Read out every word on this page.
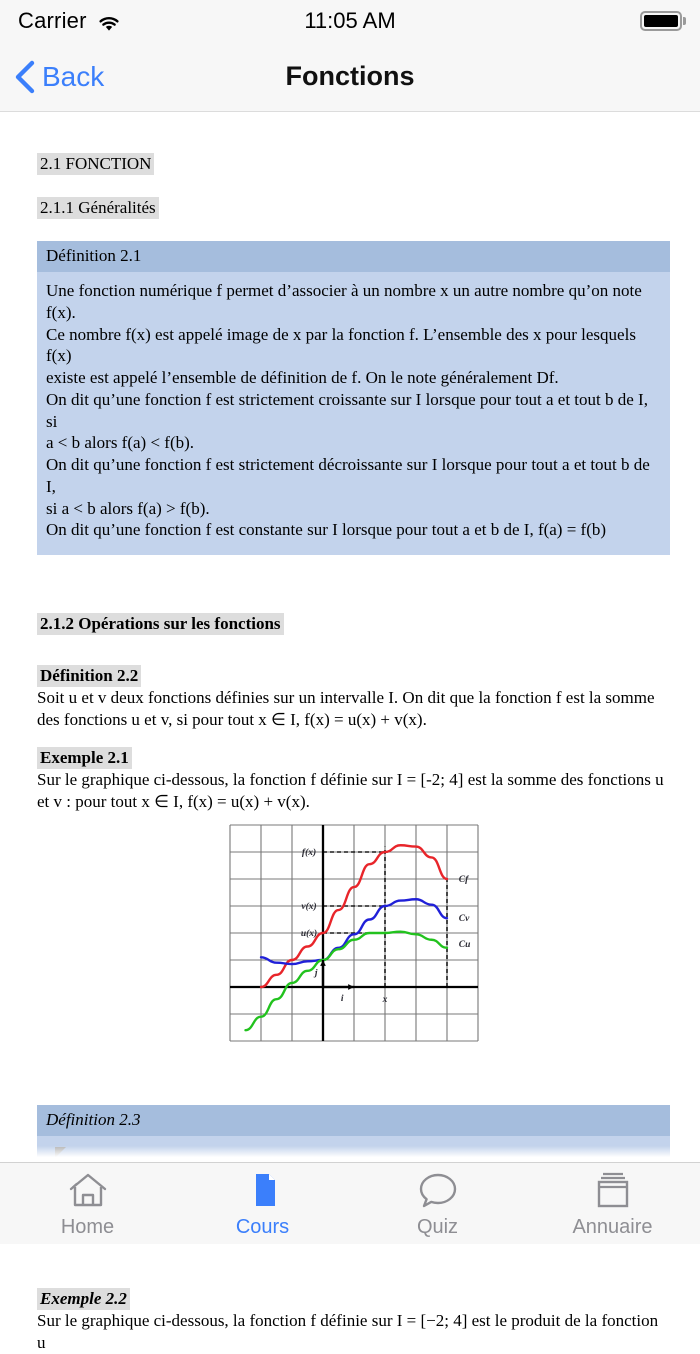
Carrier	11:05 AM
Back	Fonctions
2.1 FONCTION
2.1.1 Généralités
Définition 2.1

Une fonction numérique f permet d’associer à un nombre x un autre nombre qu’on note f(x).

Ce nombre f(x) est appelé image de x par la fonction f. L’ensemble des x pour lesquels f(x)

existe est appelé l’ensemble de définition de f. On le note généralement Df.

On dit qu’une fonction f est strictement croissante sur I lorsque pour tout a et tout b de I, si

a < b alors f(a) < f(b).

On dit qu’une fonction f est strictement décroissante sur I lorsque pour tout a et tout b de I,

si a < b alors f(a) > f(b).

On dit qu’une fonction f est constante sur I lorsque pour tout a et b de I, f(a) = f(b)

2.1.2 Opérations sur les fonctions
Définition 2.2

Soit u et v deux fonctions définies sur un intervalle I. On dit que la fonction f est la somme

des fonctions u et v, si pour tout x ∈ I, f(x) = u(x) + v(x).

Exemple 2.1

Sur le graphique ci-dessous, la fonction f définie sur I = [-2; 4] est la somme des fonctions u

et v : pour tout x ∈ I, f(x) = u(x) + v(x).

f(x)
v(x)
u(x)
x
Cf
Cv
Cu
i
j
Définition 2.3

Exemple 2.2

Sur le graphique ci-dessous, la fonction f définie sur I = [−2; 4] est le produit de la fonction u

Home	Cours	Quiz	Annuaire
